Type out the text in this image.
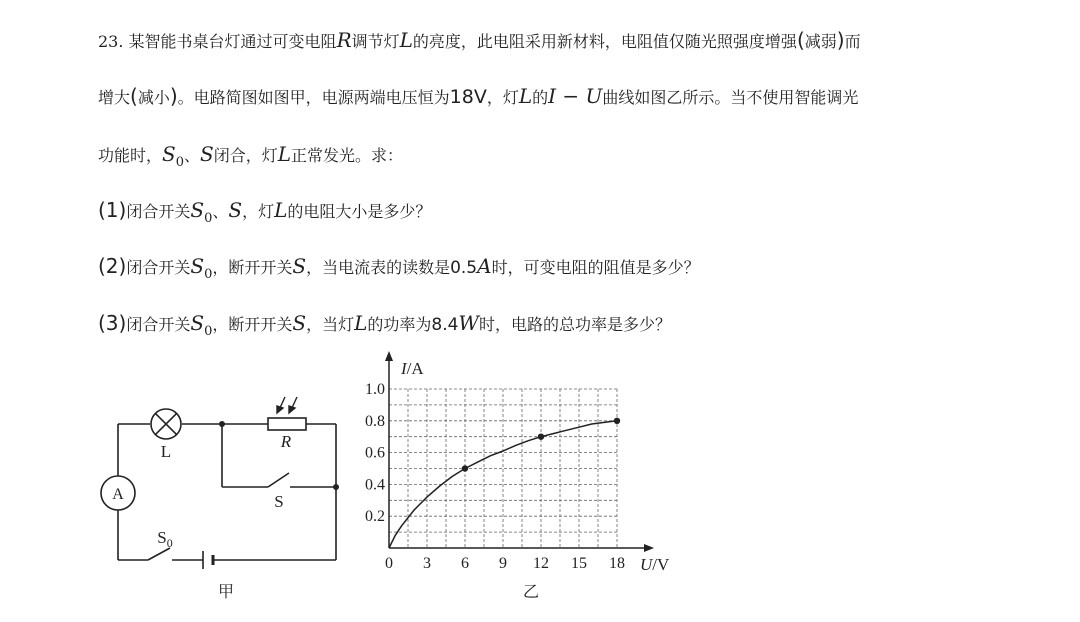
23. 某智能书桌台灯通过可变电阻R调节灯L的亮度，此电阻采用新材料，电阻值仅随光照强度增强(减弱)而
增大(减小)。电路简图如图甲，电源两端电压恒为18V，灯L的I − U曲线如图乙所示。当不使用智能调光
功能时，$S_0$、S闭合，灯L正常发光。求：
(1)闭合开关$S_0$、S，灯L的电阻大小是多少？
(2)闭合开关$S_0$，断开开关S，当电流表的读数是0.5A时，可变电阻的阻值是多少？
(3)闭合开关$S_0$，断开开关S，当灯L的功率为8.4W时，电路的总功率是多少？
L
R
S
A
$S_0$
甲
0 3 6 9 12 15 18
0.2
0.4
0.6
0.8
1.0
I/A
U/V
乙
